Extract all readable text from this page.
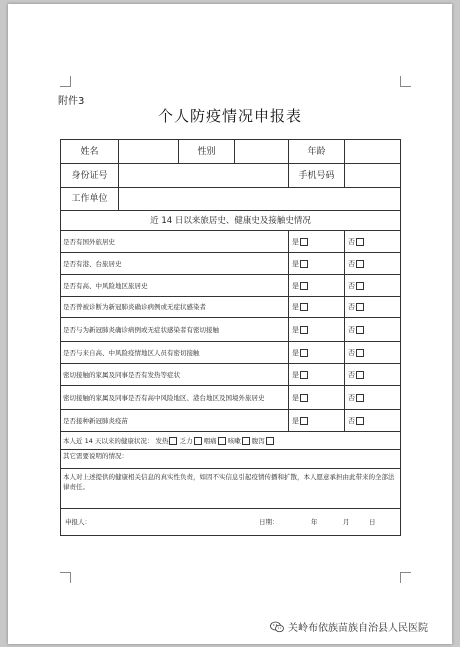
附件3
个人防疫情况申报表
姓名		性别		年龄	
身份证号				手机号码	
工作单位					
近 14 日以来旅居史、健康史及接触史情况					
是否有国外旅居史				是	否
是否有港、台旅居史				是	否
是否有高、中风险地区旅居史				是	否
是否曾被诊断为新冠肺炎确诊病例或无症状感染者				是	否
是否与为新冠肺炎确诊病例或无症状感染者有密切接触				是	否
是否与来自高、中风险疫情地区人员有密切接触				是	否
密切接触的家属及同事是否有发热等症状				是	否
密切接触的家属及同事是否有高中风险地区、港台地区及国境外旅居史				是	否
是否接种新冠肺炎疫苗				是	否
本人近 14 天以来的健康状况： 发热 乏力 咽痛 咳嗽 腹泻					
其它需要说明的情况：					
本人对上述提供的健康相关信息的真实性负责，如因不实信息引起疫情传播和扩散，本人愿意承担由此带来的全部法律责任。					

申报人： 日期： 年 月 日					
关岭布依族苗族自治县人民医院
